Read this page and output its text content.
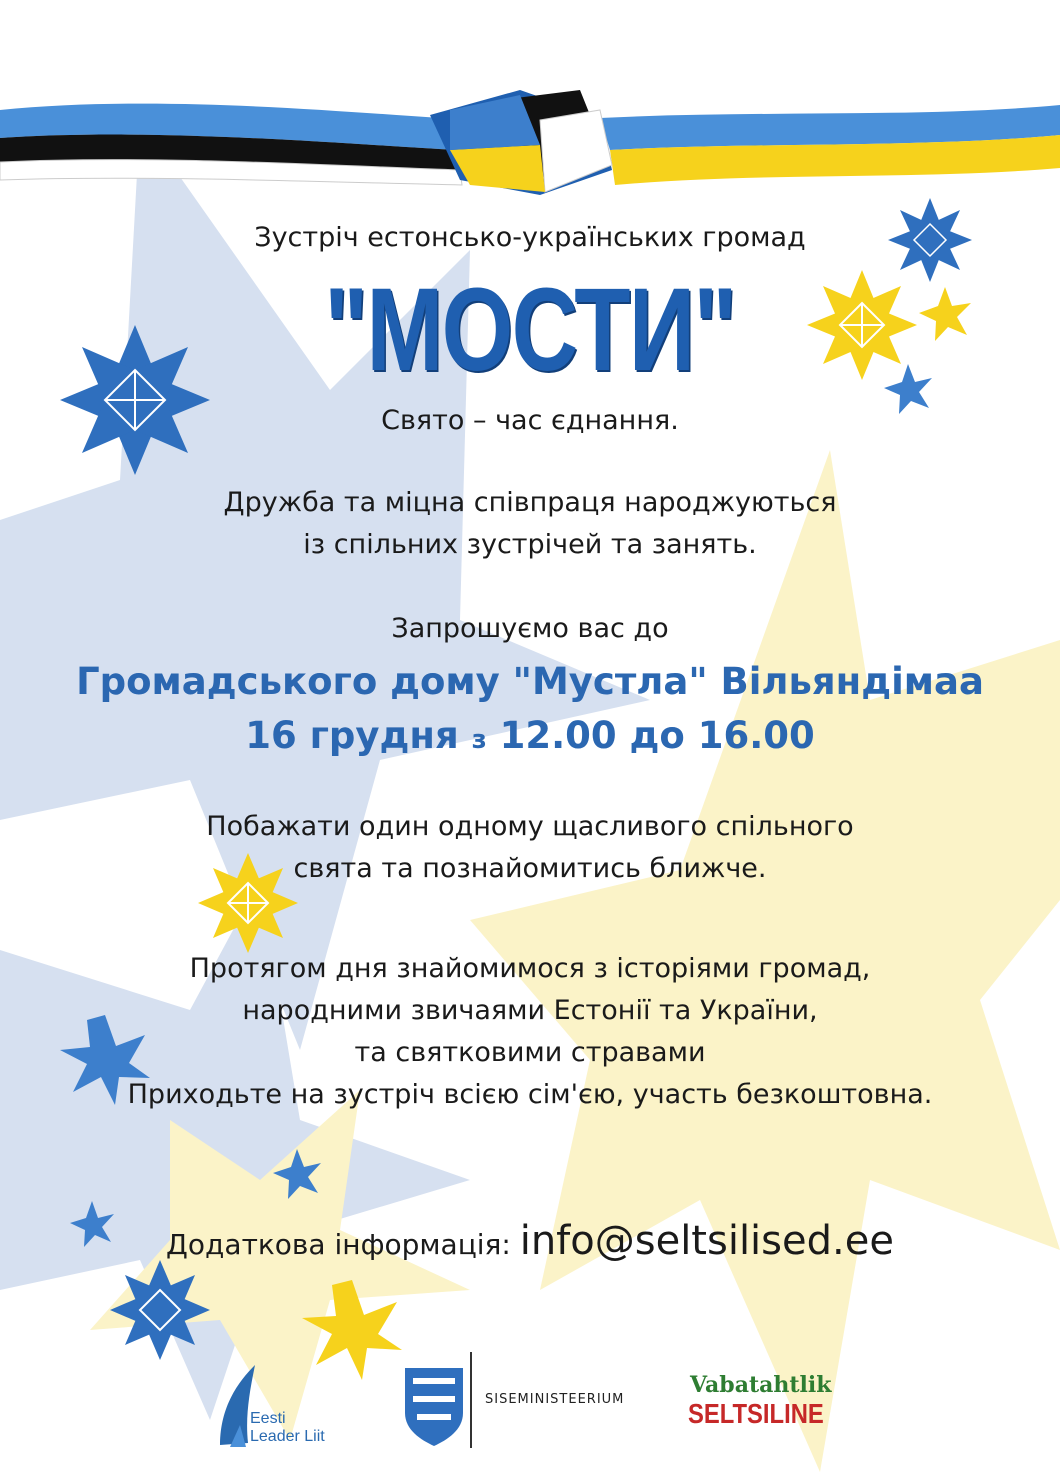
Зустріч естонсько-українських громад
"МОСТИ"
Свято – час єднання.
Дружба та міцна співпраця народжуються
із спільних зустрічей та занять.
Запрошуємо вас до
Громадського дому "Мустла" Вільяндімаа
16 грудня з 12.00 до 16.00
Побажати один одному щасливого спільного
свята та познайомитись ближче.
Протягом дня знайомимося з історіями громад,
народними звичаями Естонії та України,
та святковими стравами
Приходьте на зустріч всією сім'єю, участь безкоштовна.
Додаткова інформація: info@seltsilised.ee
Eesti
Leader Liit
SISEMINISTEERIUM
Vabatahtlik
SELTSILINE
